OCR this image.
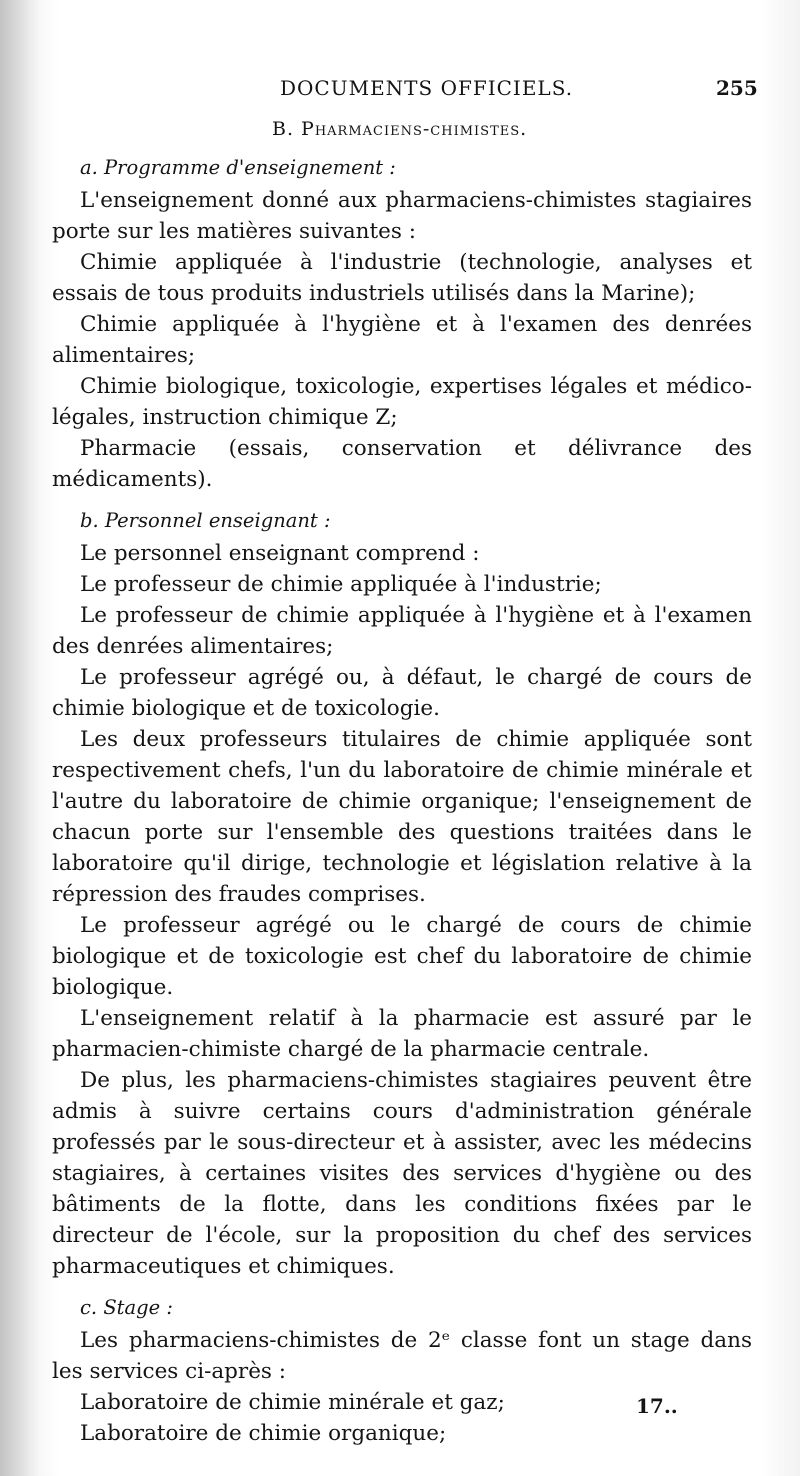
DOCUMENTS OFFICIELS.	255
B. Pharmaciens-chimistes.

a. Programme d'enseignement :

L'enseignement donné aux pharmaciens-chimistes stagiaires porte sur les matières suivantes :

Chimie appliquée à l'industrie (technologie, analyses et essais de tous produits industriels utilisés dans la Marine);

Chimie appliquée à l'hygiène et à l'examen des denrées alimentaires;

Chimie biologique, toxicologie, expertises légales et médico-légales, instruction chimique Z;

Pharmacie (essais, conservation et délivrance des médicaments).

b. Personnel enseignant :

Le personnel enseignant comprend :

Le professeur de chimie appliquée à l'industrie;

Le professeur de chimie appliquée à l'hygiène et à l'examen des denrées alimentaires;

Le professeur agrégé ou, à défaut, le chargé de cours de chimie biologique et de toxicologie.

Les deux professeurs titulaires de chimie appliquée sont respectivement chefs, l'un du laboratoire de chimie minérale et l'autre du laboratoire de chimie organique; l'enseignement de chacun porte sur l'ensemble des questions traitées dans le laboratoire qu'il dirige, technologie et législation relative à la répression des fraudes comprises.

Le professeur agrégé ou le chargé de cours de chimie biologique et de toxicologie est chef du laboratoire de chimie biologique.

L'enseignement relatif à la pharmacie est assuré par le pharmacien-chimiste chargé de la pharmacie centrale.

De plus, les pharmaciens-chimistes stagiaires peuvent être admis à suivre certains cours d'administration générale professés par le sous-directeur et à assister, avec les médecins stagiaires, à certaines visites des services d'hygiène ou des bâtiments de la flotte, dans les conditions fixées par le directeur de l'école, sur la proposition du chef des services pharmaceutiques et chimiques.

c. Stage :

Les pharmaciens-chimistes de 2ᵉ classe font un stage dans les services ci-après :

Laboratoire de chimie minérale et gaz;

Laboratoire de chimie organique;

17..
